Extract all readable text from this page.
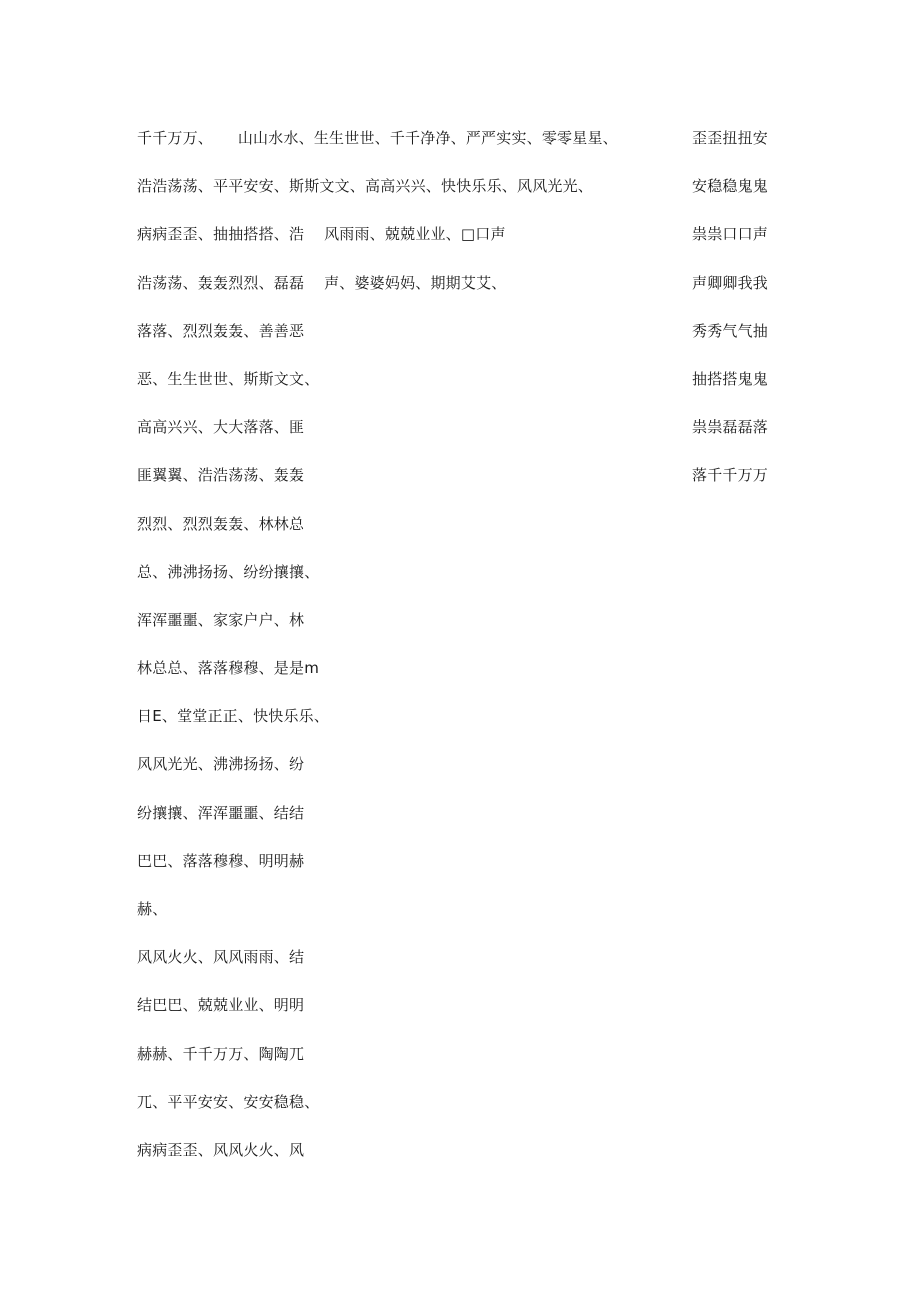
千千万万、     山山水水、生生世世、千千净净、严严实实、零零星星、
浩浩荡荡、平平安安、斯斯文文、高高兴兴、快快乐乐、风风光光、
病病歪歪、抽抽搭搭、浩    风雨雨、兢兢业业、□口声
浩荡荡、轰轰烈烈、磊磊    声、婆婆妈妈、期期艾艾、
落落、烈烈轰轰、善善恶
恶、生生世世、斯斯文文、
高高兴兴、大大落落、匪
匪翼翼、浩浩荡荡、轰轰
烈烈、烈烈轰轰、林林总
总、沸沸扬扬、纷纷攘攘、
浑浑噩噩、家家户户、林
林总总、落落穆穆、是是m
日E、堂堂正正、快快乐乐、
风风光光、沸沸扬扬、纷
纷攘攘、浑浑噩噩、结结
巴巴、落落穆穆、明明赫
赫、
风风火火、风风雨雨、结
结巴巴、兢兢业业、明明
赫赫、千千万万、陶陶兀
兀、平平安安、安安稳稳、
病病歪歪、风风火火、风
歪歪扭扭安
安稳稳鬼鬼
祟祟口口声
声卿卿我我
秀秀气气抽
抽搭搭鬼鬼
祟祟磊磊落
落千千万万
